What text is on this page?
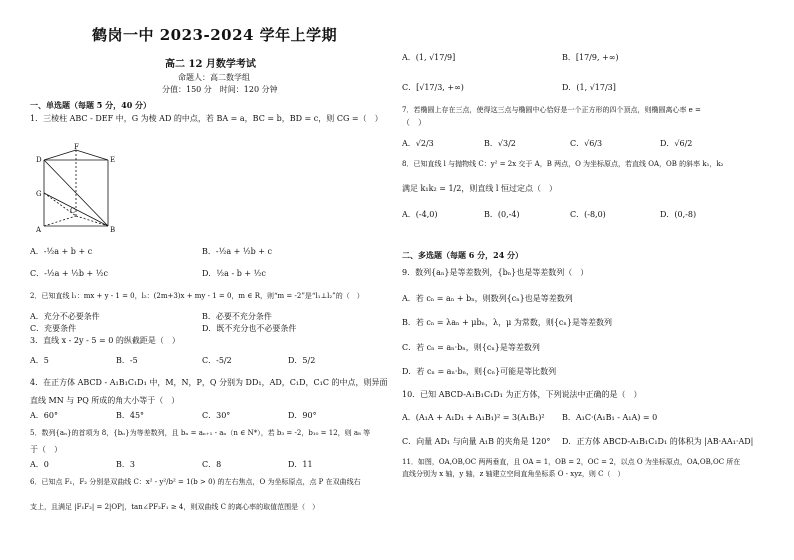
鹤岗一中 2023-2024 学年上学期
高二 12 月数学考试
命题人：高二数学组
分值：150 分　时间：120 分钟
一、单选题（每题 5 分，40 分）
1．三棱柱 ABC - DEF 中，G 为棱 AD 的中点，若 BA = a，BC = b，BD = c，则 CG =（　）
F
D	E
G
A
C
B
A．-½a + b + c	B．-½a + ½b + c
C．-½a + ½b + ½c	D．½a - b + ½c
2．已知直线 l₁：mx + y - 1 = 0，l₂：(2m+3)x + my - 1 = 0，m ∈ R，则“m = -2”是“l₁⊥l₂”的（　）
A．充分不必要条件	B．必要不充分条件
C．充要条件	D．既不充分也不必要条件
3．直线 x - 2y - 5 = 0 的纵截距是（　）
A．5	B．-5	C．-5/2	D．5/2
4．在正方体 ABCD - A₁B₁C₁D₁ 中，M，N，P，Q 分别为 DD₁，AD，C₁D，C₁C 的中点，则异面
直线 MN 与 PQ 所成的角大小等于（　）
A．60°	B．45°	C．30°	D．90°
5．数列{aₙ}的首项为 8，{bₙ}为等差数列，且 bₙ = aₙ₊₁ - aₙ（n ∈ N*），若 b₃ = -2，b₁₀ = 12，则 a₈ 等
于（　）
A．0	B．3	C．8	D．11
6．已知点 F₁，F₂ 分别是双曲线 C：x² - y²/b² = 1(b > 0) 的左右焦点，O 为坐标原点，点 P 在双曲线右
支上，且满足 |F₁F₂| = 2|OP|，tan∠PF₂F₁ ≥ 4，则双曲线 C 的离心率的取值范围是（　）
A．(1, √17/9]	B．[17/9, +∞)
C．[√17/3, +∞)	D．(1, √17/3]
7．若椭圆上存在三点，使得这三点与椭圆中心恰好是一个正方形的四个顶点，则椭圆离心率 e =
（　）
A．√2/3	B．√3/2	C．√6/3	D．√6/2
8．已知直线 l 与抛物线 C：y² = 2x 交于 A，B 两点，O 为坐标原点，若直线 OA，OB 的斜率 k₁，k₂
满足 k₁k₂ = 1/2，则直线 l 恒过定点（　）
A．(-4,0)	B．(0,-4)	C．(-8,0)	D．(0,-8)
二、多选题（每题 6 分，24 分）
9．数列{aₙ}是等差数列，{bₙ}也是等差数列（　）
A．若 cₙ = aₙ + bₙ，则数列{cₙ}也是等差数列
B．若 cₙ = λaₙ + μbₙ，λ，μ 为常数，则{cₙ}是等差数列
C．若 cₙ = aₙ·bₙ，则{cₙ}是等差数列
D．若 cₙ = aₙ·bₙ，则{cₙ}可能是等比数列
10．已知 ABCD-A₁B₁C₁D₁ 为正方体，下列说法中正确的是（　）
A．(A₁A + A₁D₁ + A₁B₁)² = 3(A₁B₁)² B．A₁C·(A₁B₁ - A₁A) = 0
C．向量 AD₁ 与向量 A₁B 的夹角是 120° D．正方体 ABCD-A₁B₁C₁D₁ 的体积为 |AB·AA₁·AD|
11．如图，OA,OB,OC 两两垂直，且 OA = 1，OB = 2，OC = 2，以点 O 为坐标原点，OA,OB,OC 所在
直线分别为 x 轴，y 轴，z 轴建立空间直角坐标系 O - xyz，则 C（　）
